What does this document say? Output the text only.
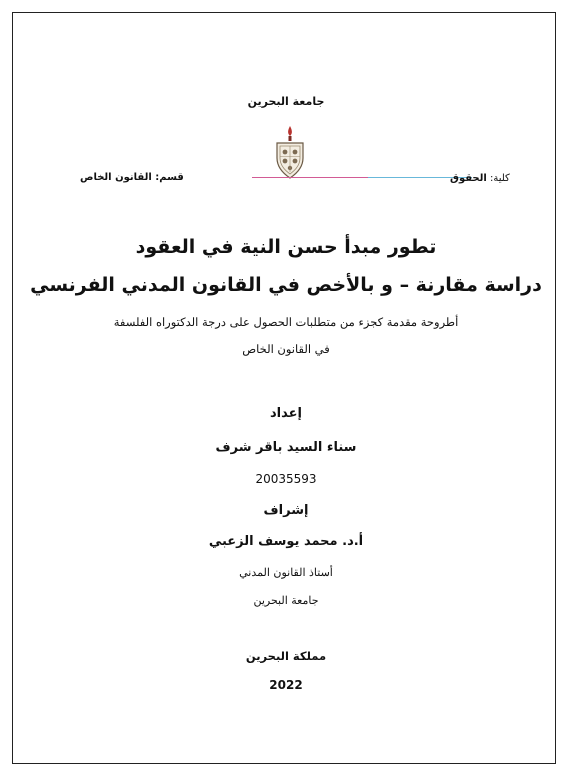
جامعة البحرين
كلية: الحقوق
قسم: القانون الخاص
تطور مبدأ حسن النية في العقود
دراسة مقارنة – و بالأخص في القانون المدني الفرنسي
أطروحة مقدمة كجزء من متطلبات الحصول على درجة الدكتوراه الفلسفة
في القانون الخاص
إعداد
سناء السيد باقر شرف
20035593
إشراف
أ.د. محمد يوسف الزعبي
أستاذ القانون المدني
جامعة البحرين
مملكة البحرين
2022
